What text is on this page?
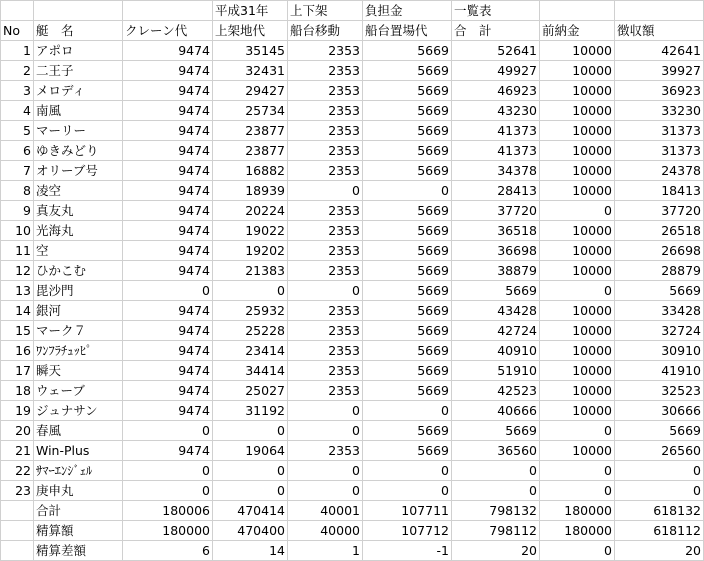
			平成31年	上下架	負担金	一覧表		
No	艇　名	クレーン代	上架地代	船台移動	船台置場代	合　計	前納金	徴収額
1	アポロ	9474	35145	2353	5669	52641	10000	42641
2	二王子	9474	32431	2353	5669	49927	10000	39927
3	メロディ	9474	29427	2353	5669	46923	10000	36923
4	南風	9474	25734	2353	5669	43230	10000	33230
5	マーリー	9474	23877	2353	5669	41373	10000	31373
6	ゆきみどり	9474	23877	2353	5669	41373	10000	31373
7	オリーブ号	9474	16882	2353	5669	34378	10000	24378
8	凌空	9474	18939	0	0	28413	10000	18413
9	真友丸	9474	20224	2353	5669	37720	0	37720
10	光海丸	9474	19022	2353	5669	36518	10000	26518
11	空	9474	19202	2353	5669	36698	10000	26698
12	ひかこむ	9474	21383	2353	5669	38879	10000	28879
13	毘沙門	0	0	0	5669	5669	0	5669
14	銀河	9474	25932	2353	5669	43428	10000	33428
15	マーク７	9474	25228	2353	5669	42724	10000	32724
16	ﾜﾝﾌﾗﾁｭｯﾋﾟ	9474	23414	2353	5669	40910	10000	30910
17	瞬天	9474	34414	2353	5669	51910	10000	41910
18	ウェーブ	9474	25027	2353	5669	42523	10000	32523
19	ジュナサン	9474	31192	0	0	40666	10000	30666
20	春風	0	0	0	5669	5669	0	5669
21	Win-Plus	9474	19064	2353	5669	36560	10000	26560
22	ｻﾏｰｴﾝｼﾞｪﾙ	0	0	0	0	0	0	0
23	庚申丸	0	0	0	0	0	0	0
	合計	180006	470414	40001	107711	798132	180000	618132
	精算額	180000	470400	40000	107712	798112	180000	618112
	精算差額	6	14	1	-1	20	0	20
